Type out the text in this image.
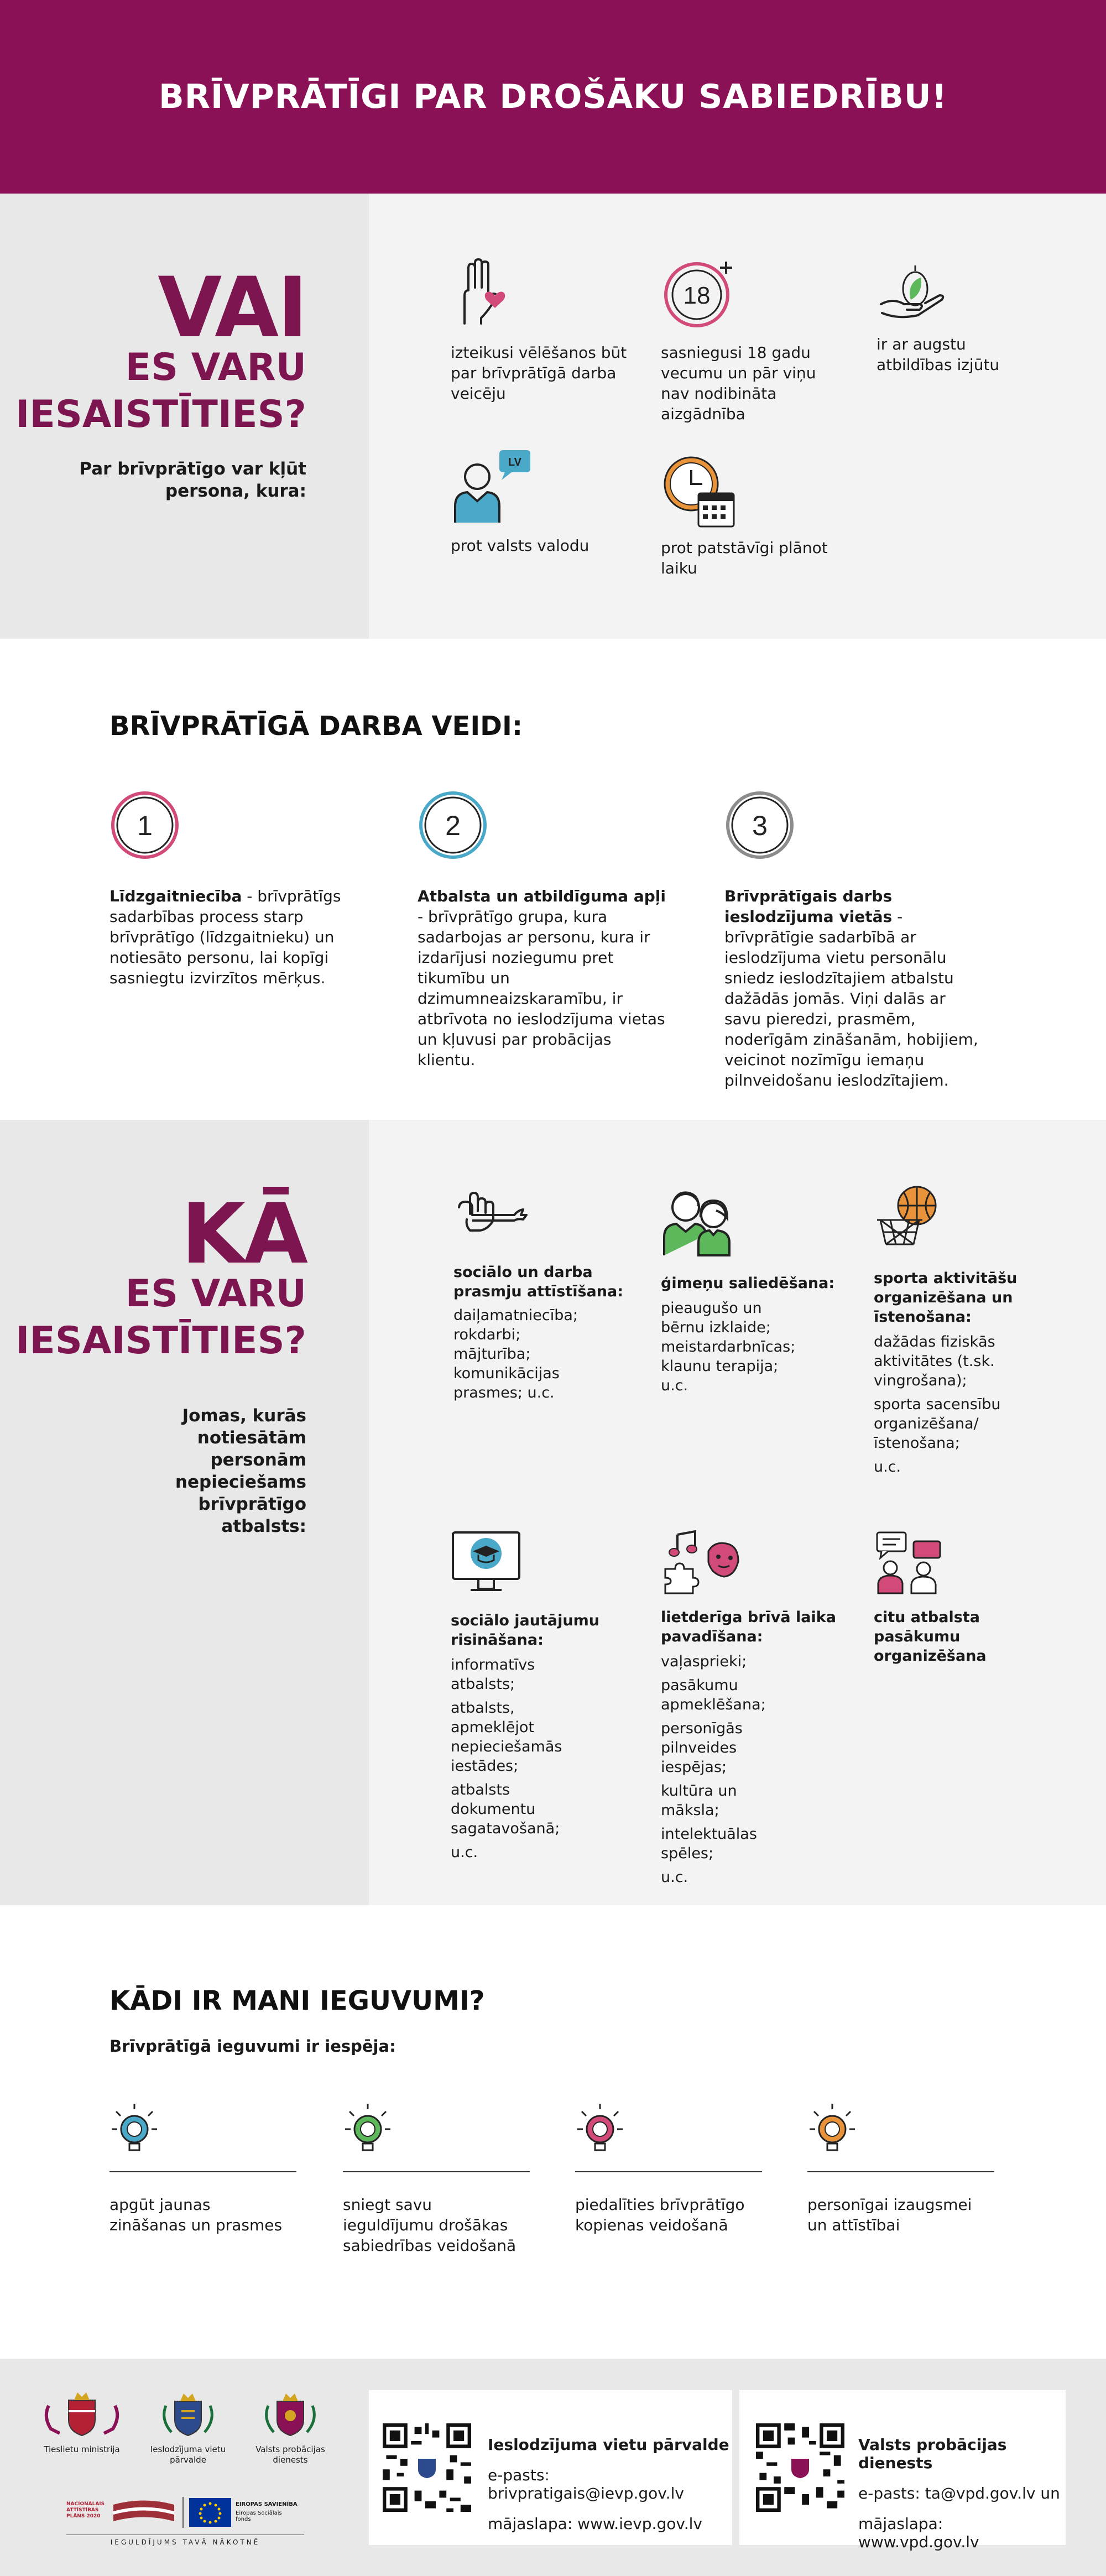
BRĪVPRĀTĪGI PAR DROŠĀKU SABIEDRĪBU!
VAI
ES VARU
IESAISTĪTIES?
Par brīvprātīgo var kļūt persona, kura:
izteikusi vēlēšanos būt par brīvprātīgā darba veicēju
18
sasniegusi 18 gadu vecumu un pār viņu nav nodibināta aizgādnība
ir ar augstu atbildības izjūtu
LV
prot valsts valodu	prot patstāvīgi plānot laiku
BRĪVPRĀTĪGĀ DARBA VEIDI:
1
Līdzgaitniecība - brīvprātīgs sadarbības process starp brīvprātīgo (līdzgaitnieku) un notiesāto personu, lai kopīgi sasniegtu izvirzītos mērķus.
2
Atbalsta un atbildīguma apļi - brīvprātīgo grupa, kura sadarbojas ar personu, kura ir izdarījusi noziegumu pret tikumību un dzimumneaizskaramību, ir atbrīvota no ieslodzījuma vietas un kļuvusi par probācijas klientu.
3
Brīvprātīgais darbs ieslodzījuma vietās - brīvprātīgie sadarbībā ar ieslodzījuma vietu personālu sniedz ieslodzītajiem atbalstu dažādās jomās. Viņi dalās ar savu pieredzi, prasmēm, noderīgām zināšanām, hobijiem, veicinot nozīmīgu iemaņu pilnveidošanu ieslodzītajiem.
KĀ
ES VARU
IESAISTĪTIES?
Jomas, kurās notiesātām personām nepieciešams brīvprātīgo atbalsts:
sociālo un darba prasmju attīstīšana:
daiļamatniecība; rokdarbi; mājturība; komunikācijas prasmes; u.c.
ģimeņu saliedēšana:
pieaugušo un bērnu izklaide; meistardarbnīcas; klaunu terapija; u.c.
sporta aktivitāšu organizēšana un īstenošana:
dažādas fiziskās aktivitātes (t.sk. vingrošana);
sporta sacensību organizēšana/ īstenošana;
u.c.
sociālo jautājumu risināšana:
informatīvs atbalsts;
atbalsts, apmeklējot nepieciešamās iestādes;
atbalsts dokumentu sagatavošanā;
u.c.
lietderīga brīvā laika pavadīšana:
vaļasprieki;
pasākumu apmeklēšana;
personīgās pilnveides iespējas;
kultūra un māksla;
intelektuālas spēles;
u.c.
citu atbalsta pasākumu organizēšana
KĀDI IR MANI IEGUVUMI?
Brīvprātīgā ieguvumi ir iespēja:
apgūt jaunas zināšanas un prasmes
sniegt savu ieguldījumu drošākas sabiedrības veidošanā
piedalīties brīvprātīgo kopienas veidošanā
personīgai izaugsmei un attīstībai
Tieslietu ministrija	Ieslodzījuma vietu pārvalde
Valsts probācijas dienests
NACIONĀLAIS ATTĪSTĪBAS PLĀNS 2020
EIROPAS SAVIENĪBA
Eiropas Sociālais fonds
IEGULDĪJUMS TAVĀ NĀKOTNĒ
Ieslodzījuma vietu pārvalde
e-pasts: brivpratigais@ievp.gov.lv
mājaslapa: www.ievp.gov.lv
Valsts probācijas dienests
e-pasts: ta@vpd.gov.lv un
mājaslapa: www.vpd.gov.lv
